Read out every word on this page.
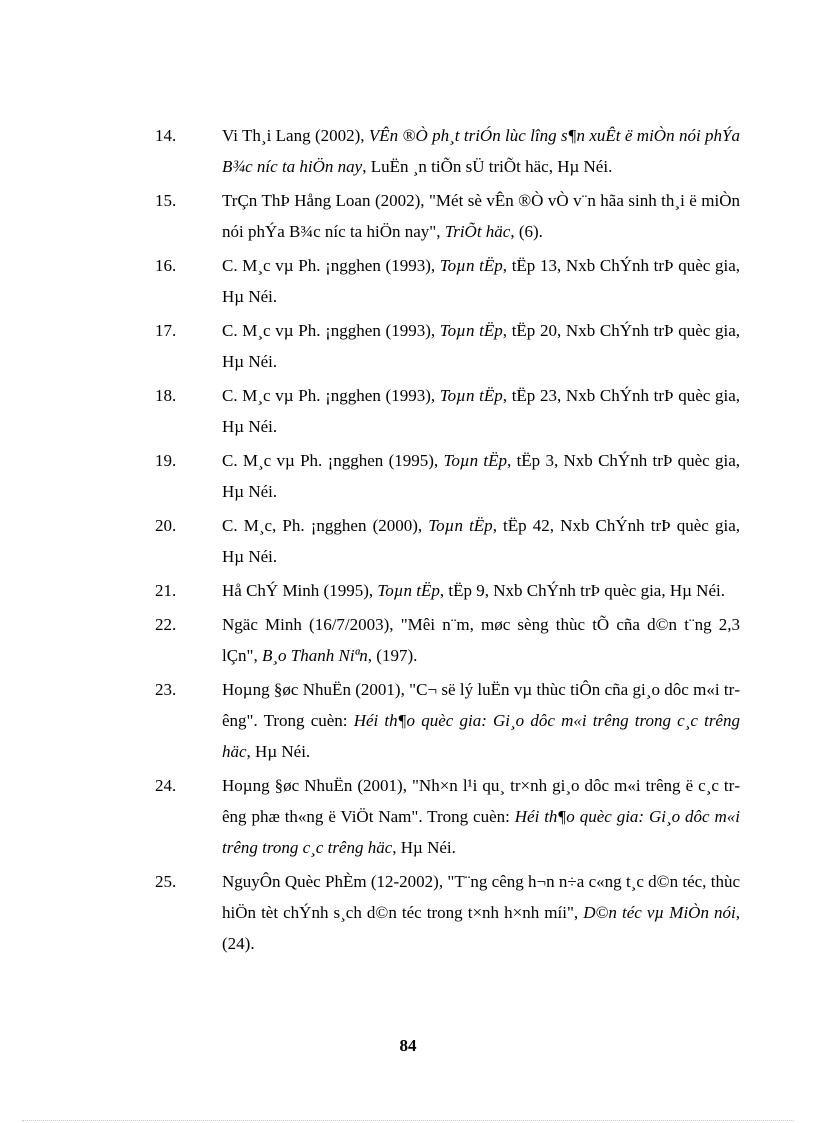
14.	Vi Th¸i Lang (2002), VÊn ®Ò ph¸t triÓn lùc lîng s¶n xuÊt ë miÒn nói phÝa B¾c níc ta hiÖn nay, LuËn ¸n tiÕn sÜ triÕt häc, Hµ Néi.
15.	TrÇn ThÞ Hång Loan (2002), "Mét sè vÊn ®Ò vÒ v¨n hãa sinh th¸i ë miÒn nói phÝa B¾c níc ta hiÖn nay", TriÕt häc, (6).
16.	C. M¸c vµ Ph. ¡ngghen (1993), Toµn tËp, tËp 13, Nxb ChÝnh trÞ quèc gia, Hµ Néi.
17.	C. M¸c vµ Ph. ¡ngghen (1993), Toµn tËp, tËp 20, Nxb ChÝnh trÞ quèc gia, Hµ Néi.
18.	C. M¸c vµ Ph. ¡ngghen (1993), Toµn tËp, tËp 23, Nxb ChÝnh trÞ quèc gia, Hµ Néi.
19.	C. M¸c vµ Ph. ¡ngghen (1995), Toµn tËp, tËp 3, Nxb ChÝnh trÞ quèc gia, Hµ Néi.
20.	C. M¸c, Ph. ¡ngghen (2000), Toµn tËp, tËp 42, Nxb ChÝnh trÞ quèc gia, Hµ Néi.
21.	Hå ChÝ Minh (1995), Toµn tËp, tËp 9, Nxb ChÝnh trÞ quèc gia, Hµ Néi.
22.	Ngäc Minh (16/7/2003), "Mêi n¨m, møc sèng thùc tÕ cña d©n t¨ng 2,3 lÇn", B¸o Thanh Niªn, (197).
23.	Hoµng §øc NhuËn (2001), "C¬ së lý luËn vµ thùc tiÔn cña gi¸o dôc m«i trêng". Trong cuèn: Héi th¶o quèc gia: Gi¸o dôc m«i trêng trong c¸c trêng häc, Hµ Néi.
24.	Hoµng §øc NhuËn (2001), "Nh×n l¹i qu¸ tr×nh gi¸o dôc m«i trêng ë c¸c trêng phæ th«ng ë ViÖt Nam". Trong cuèn: Héi th¶o quèc gia: Gi¸o dôc m«i trêng trong c¸c trêng häc, Hµ Néi.
25.	NguyÔn Quèc PhÈm (12-2002), "T¨ng cêng h¬n n÷a c«ng t¸c d©n téc, thùc hiÖn tèt chÝnh s¸ch d©n téc trong t×nh h×nh míi", D©n téc vµ MiÒn nói, (24).
84
